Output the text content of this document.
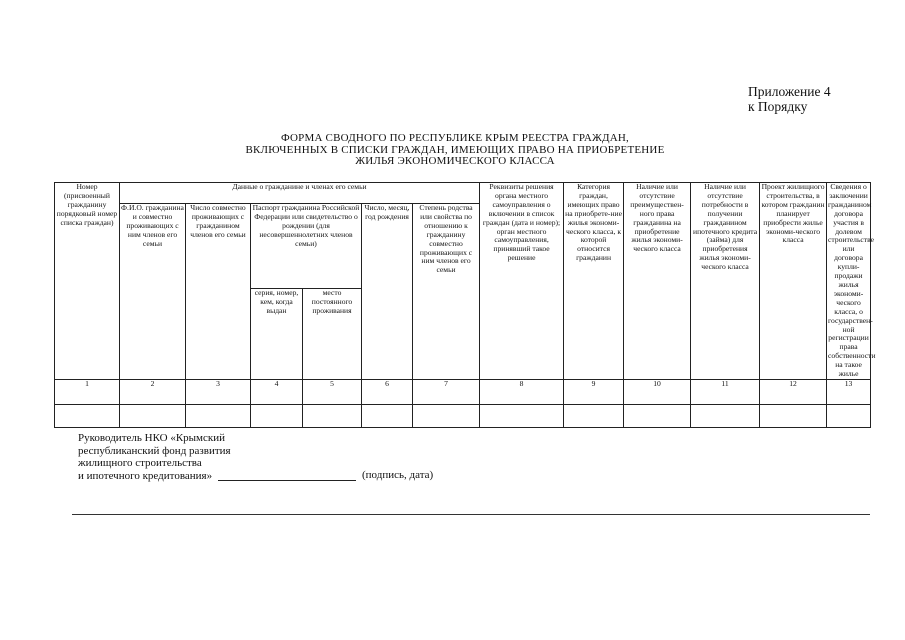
Приложение 4
к Порядку
ФОРМА СВОДНОГО ПО РЕСПУБЛИКЕ КРЫМ РЕЕСТРА ГРАЖДАН,
ВКЛЮЧЕННЫХ В СПИСКИ ГРАЖДАН, ИМЕЮЩИХ ПРАВО НА ПРИОБРЕТЕНИЕ
ЖИЛЬЯ ЭКОНОМИЧЕСКОГО КЛАССА
Номер (присвоенный гражданину порядковый номер списка граждан)	Данные о гражданине и членах его семьи						Реквизиты решения органа местного самоуправления о включении в список граждан (дата и номер); орган местного самоуправления, принявший такое решение	Категория граждан, имеющих право на приобрете-ние жилья экономи-ческого класса, к которой относится гражданин	Наличие или отсутствие преимуществен-ного права гражданина на приобретение жилья экономи-ческого класса	Наличие или отсутствие потребности в получении гражданином ипотечного кредита (займа) для приобретения жилья экономи-ческого класса	Проект жилищного строительства, в котором гражданин планирует приобрести жилье экономи-ческого класса	Сведения о заключении гражданином договора участия в долевом строительстве или договора купли-продажи жилья экономи-ческого класса, о государствен-ной регистрации права собственности на такое жилье
	Ф.И.О. гражданина и совместно проживающих с ним членов его семьи	Число совместно проживающих с гражданином членов его семьи	Паспорт гражданина Российской Федерации или свидетельство о рождении (для несовершеннолетних членов семьи)		Число, месяц, год рождения	Степень родства или свойства по отношению к гражданину совместно проживающих с ним членов его семьи						
			серия, номер, кем, когда выдан	место постоянного проживания								
1	2	3	4	5	6	7	8	9	10	11	12	13

Руководитель НКО «Крымский
республиканский фонд развития
жилищного строительства
и ипотечного кредитования»	(подпись, дата)
